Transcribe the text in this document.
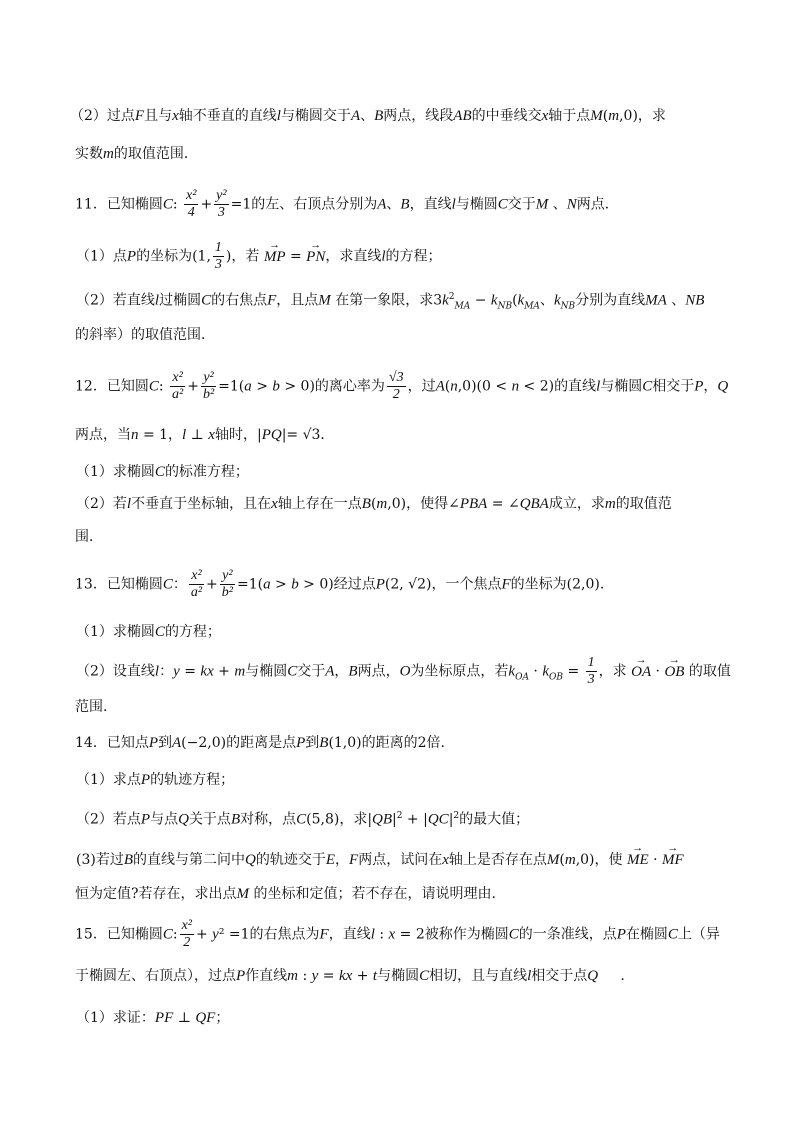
（2）过点F且与x轴不垂直的直线l与椭圆交于A、B两点，线段AB的中垂线交x轴于点M(m,0)，求
实数m的取值范围．
11．已知椭圆C: $\frac{\text{x²}}{4} + \frac{\text{y²}}{3} =1$的左、右顶点分别为A、B，直线l与椭圆C交于M 、N两点．
（1）点P的坐标为(1, $\frac{1}{3}$ )，若 → MP = → PN，求直线l的方程；
（2）若直线l过椭圆C的右焦点F，且点M 在第一象限，求$3k^2_{MA} - k_{NB}(k_{MA}$、$k_{NB}$分别为直线MA 、NB
的斜率）的取值范围．
12．已知圆C: $\frac{\text{x²}}{\text{a²}} + \frac{\text{y²}}{\text{b²}} =1(a > b > 0)$的离心率为 $\frac{√3}{2}$ ，过A(n,0)(0 < n < 2)的直线l与椭圆C相交于P，Q
两点，当n = 1，l ⊥ x轴时，|PQ|= √3．
（1）求椭圆C的标准方程；
（2）若l不垂直于坐标轴，且在x轴上存在一点B(m,0)，使得∠PBA = ∠QBA成立，求m的取值范
围．
13．已知椭圆C： $\frac{\text{x²}}{\text{a²}} + \frac{\text{y²}}{\text{b²}} =1(a > b > 0)$经过点P(2, √2)，一个焦点F的坐标为(2,0).
（1）求椭圆C的方程；
（2）设直线l：y = kx + m与椭圆C交于A，B两点，O为坐标原点，若$k_{OA} \cdot k_{OB} = \frac{1}{3}$ ，求 → OA · → OB 的取值
范围.
14．已知点P到A(−2,0)的距离是点P到B(1,0)的距离的2倍.
（1）求点P的轨迹方程；
（2）若点P与点Q关于点B对称，点C(5,8)，求$|QB|^2 + |QC|^2$的最大值；
(3)若过B的直线与第二问中Q的轨迹交于E，F两点，试问在x轴上是否存在点M(m,0)，使 → ME · → MF
恒为定值?若存在，求出点M 的坐标和定值；若不存在，请说明理由.
15．已知椭圆C: $\frac{\text{x²}}{2} + y^2 =1$的右焦点为F，直线l : x = 2被称作为椭圆C的一条准线，点P在椭圆C上（异
于椭圆左、右顶点），过点P作直线m : y = kx + t与椭圆C相切，且与直线l相交于点Q     .
（1）求证：PF ⊥ QF；
